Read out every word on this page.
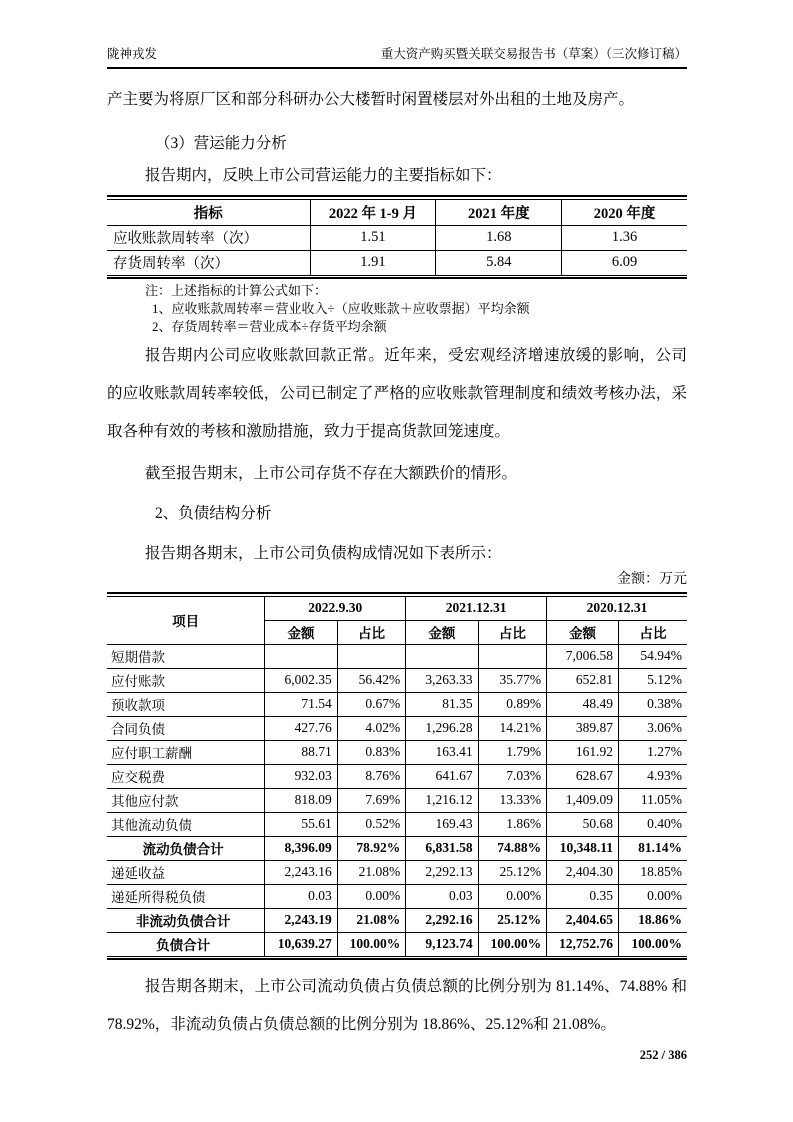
陇神戎发	重大资产购买暨关联交易报告书（草案）（三次修订稿）

产主要为将原厂区和部分科研办公大楼暂时闲置楼层对外出租的土地及房产。

（3）营运能力分析

报告期内，反映上市公司营运能力的主要指标如下：

指标	2022 年 1-9 月	2021 年度	2020 年度
应收账款周转率（次）	1.51	1.68	1.36
存货周转率（次）	1.91	5.84	6.09
注：上述指标的计算公式如下：
1、应收账款周转率＝营业收入÷（应收账款＋应收票据）平均余额
2、存货周转率＝营业成本÷存货平均余额

报告期内公司应收账款回款正常。近年来，受宏观经济增速放缓的影响，公司的应收账款周转率较低，公司已制定了严格的应收账款管理制度和绩效考核办法，采取各种有效的考核和激励措施，致力于提高货款回笼速度。

截至报告期末，上市公司存货不存在大额跌价的情形。

2、负债结构分析

报告期各期末，上市公司负债构成情况如下表所示：

金额：万元
项目	2022.9.30		2021.12.31		2020.12.31	
	金额	占比	金额	占比	金额	占比
短期借款					7,006.58	54.94%
应付账款	6,002.35	56.42%	3,263.33	35.77%	652.81	5.12%
预收款项	71.54	0.67%	81.35	0.89%	48.49	0.38%
合同负债	427.76	4.02%	1,296.28	14.21%	389.87	3.06%
应付职工薪酬	88.71	0.83%	163.41	1.79%	161.92	1.27%
应交税费	932.03	8.76%	641.67	7.03%	628.67	4.93%
其他应付款	818.09	7.69%	1,216.12	13.33%	1,409.09	11.05%
其他流动负债	55.61	0.52%	169.43	1.86%	50.68	0.40%
流动负债合计	8,396.09	78.92%	6,831.58	74.88%	10,348.11	81.14%
递延收益	2,243.16	21.08%	2,292.13	25.12%	2,404.30	18.85%
递延所得税负债	0.03	0.00%	0.03	0.00%	0.35	0.00%
非流动负债合计	2,243.19	21.08%	2,292.16	25.12%	2,404.65	18.86%
负债合计	10,639.27	100.00%	9,123.74	100.00%	12,752.76	100.00%

报告期各期末，上市公司流动负债占负债总额的比例分别为 81.14%、74.88% 和 78.92%，非流动负债占负债总额的比例分别为 18.86%、25.12%和 21.08%。

252 / 386
